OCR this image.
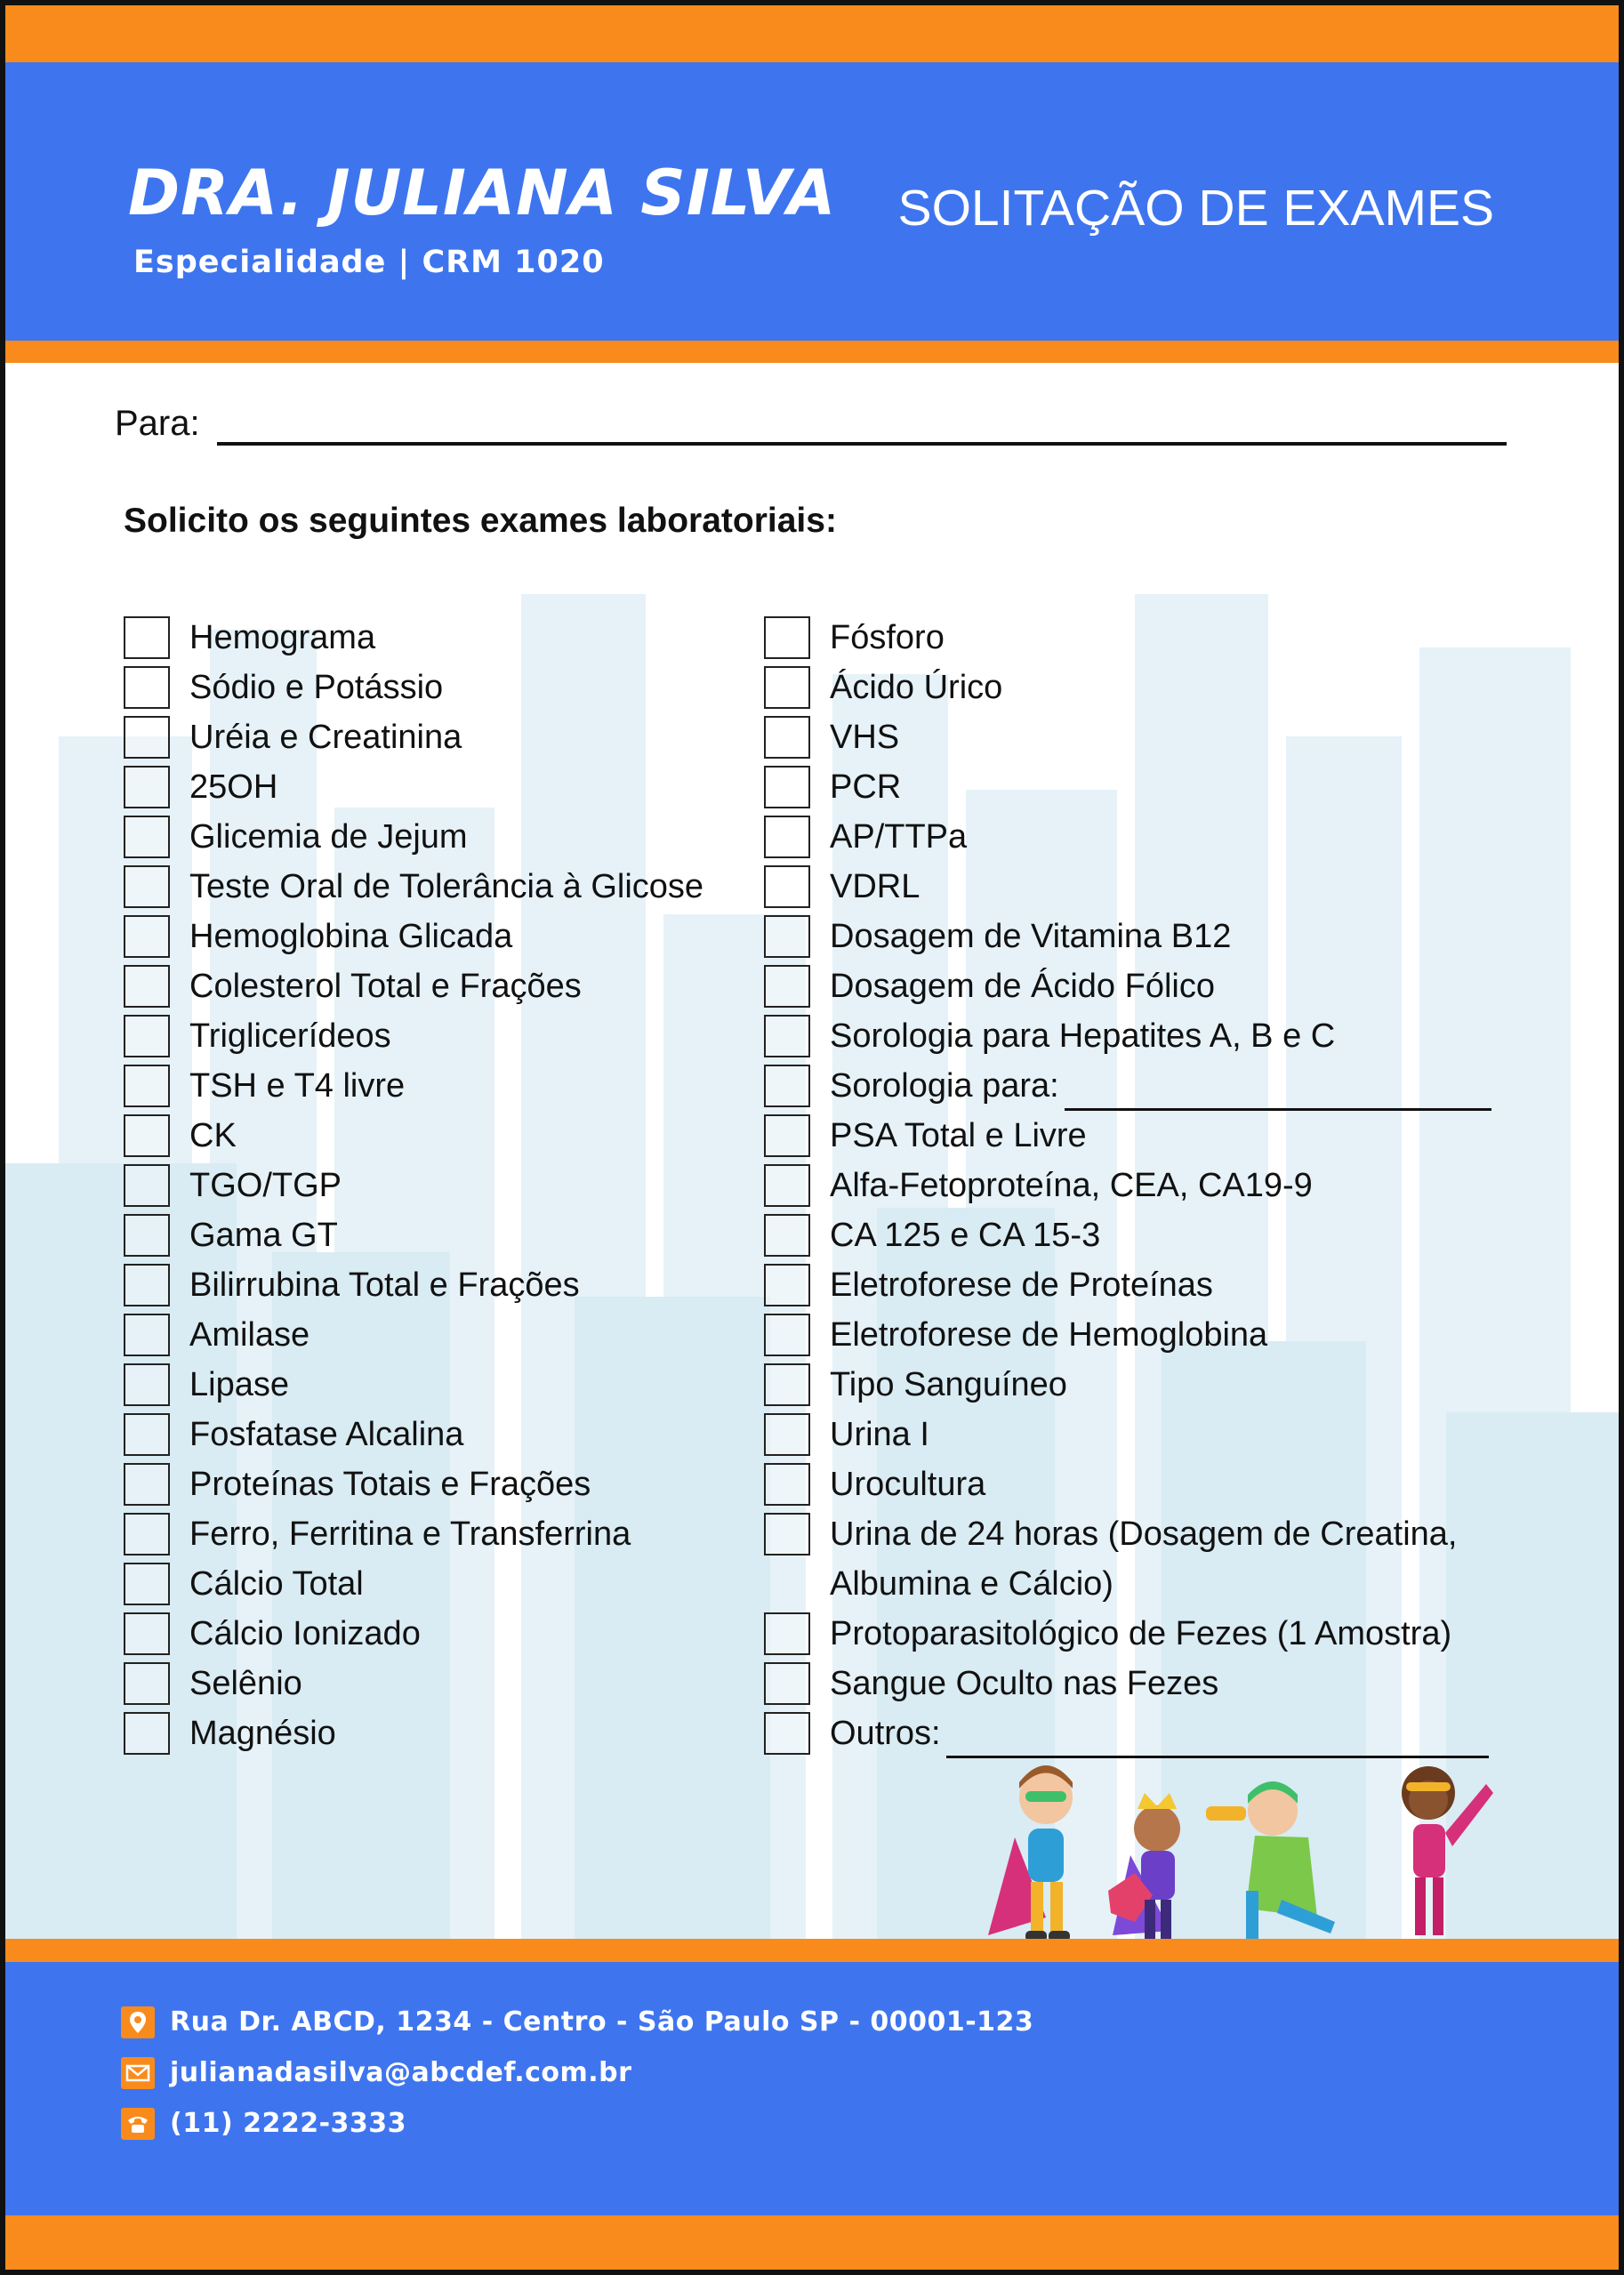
DRA. JULIANA SILVA
Especialidade | CRM 1020
SOLITAÇÃO DE EXAMES
Para:
Solicito os seguintes exames laboratoriais:
Hemograma
Sódio e Potássio
Uréia e Creatinina
25OH
Glicemia de Jejum
Teste Oral de Tolerância à Glicose
Hemoglobina Glicada
Colesterol Total e Frações
Triglicerídeos
TSH e T4 livre
CK
TGO/TGP
Gama GT
Bilirrubina Total e Frações
Amilase
Lipase
Fosfatase Alcalina
Proteínas Totais e Frações
Ferro, Ferritina e Transferrina
Cálcio Total
Cálcio Ionizado
Selênio
Magnésio
Fósforo
Ácido Úrico
VHS
PCR
AP/TTPa
VDRL
Dosagem de Vitamina B12
Dosagem de Ácido Fólico
Sorologia para Hepatites A, B e C
Sorologia para:
PSA Total e Livre
Alfa-Fetoproteína, CEA, CA19-9
CA 125 e CA 15-3
Eletroforese de Proteínas
Eletroforese de Hemoglobina
Tipo Sanguíneo
Urina I
Urocultura
Urina de 24 horas (Dosagem de Creatina,
Albumina e Cálcio)
Protoparasitológico de Fezes (1 Amostra)
Sangue Oculto nas Fezes
Outros:
Rua Dr. ABCD, 1234 - Centro - São Paulo SP - 00001-123
julianadasilva@abcdef.com.br
(11) 2222-3333
